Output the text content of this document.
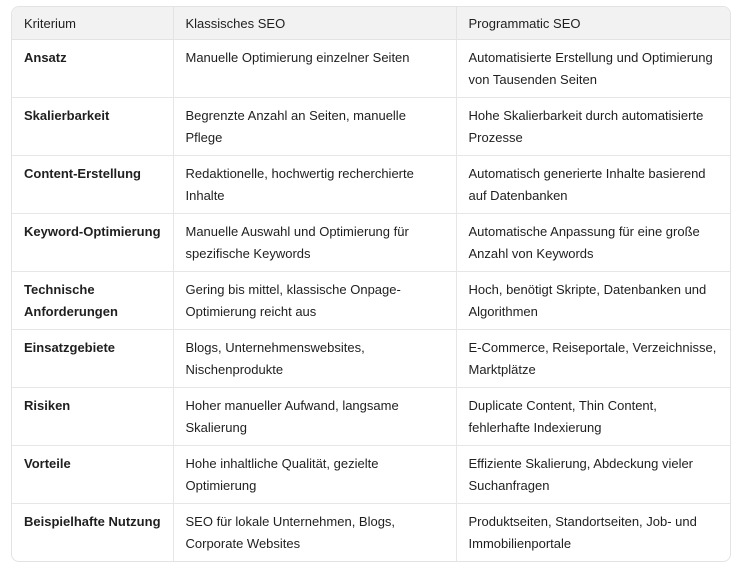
Kriterium	Klassisches SEO	Programmatic SEO
Ansatz	Manuelle Optimierung einzelner Seiten	Automatisierte Erstellung und Optimierung von Tausenden Seiten
Skalierbarkeit	Begrenzte Anzahl an Seiten, manuelle Pflege	Hohe Skalierbarkeit durch automatisierte Prozesse
Content-Erstellung	Redaktionelle, hochwertig recherchierte Inhalte	Automatisch generierte Inhalte basierend auf Datenbanken
Keyword-Optimierung	Manuelle Auswahl und Optimierung für spezifische Keywords	Automatische Anpassung für eine große Anzahl von Keywords
Technische Anforderungen	Gering bis mittel, klassische Onpage-Optimierung reicht aus	Hoch, benötigt Skripte, Datenbanken und Algorithmen
Einsatzgebiete	Blogs, Unternehmenswebsites, Nischenprodukte	E-Commerce, Reiseportale, Verzeichnisse, Marktplätze
Risiken	Hoher manueller Aufwand, langsame Skalierung	Duplicate Content, Thin Content, fehlerhafte Indexierung
Vorteile	Hohe inhaltliche Qualität, gezielte Optimierung	Effiziente Skalierung, Abdeckung vieler Suchanfragen
Beispielhafte Nutzung	SEO für lokale Unternehmen, Blogs, Corporate Websites	Produktseiten, Standortseiten, Job- und Immobilienportale
